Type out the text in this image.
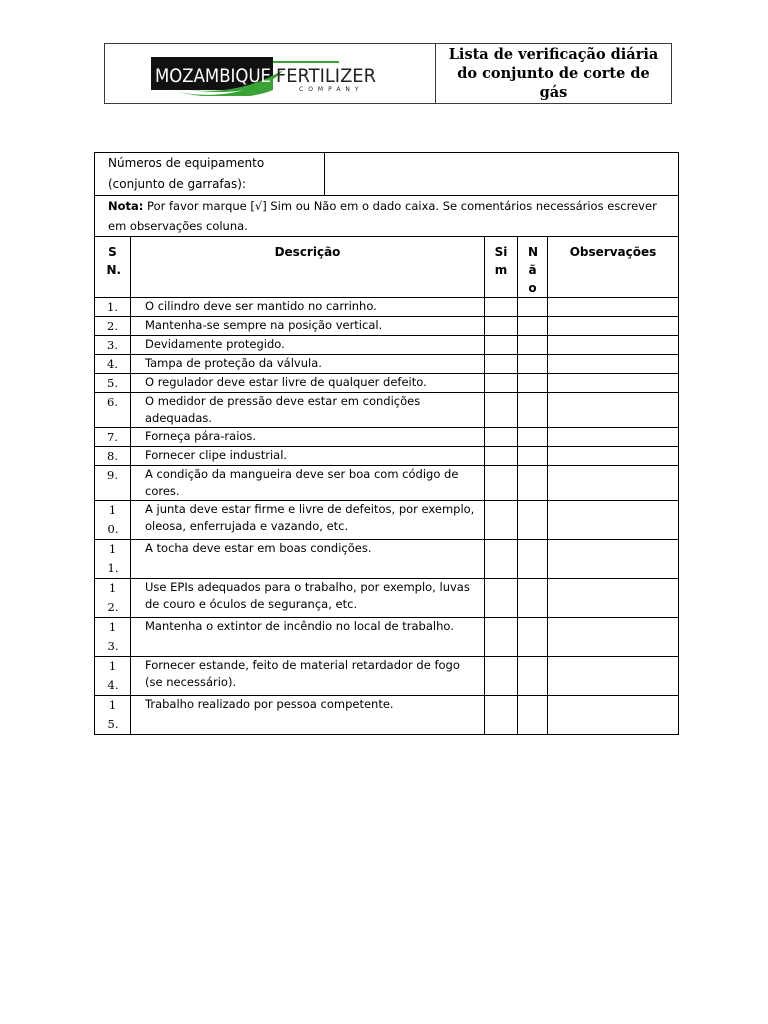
MOZAMBIQUE FERTILIZER
COMPANY
Lista de verificação diária do conjunto de corte de gás
Números de equipamento
(conjunto de garrafas):					

Nota: Por favor marque [√] Sim ou Não em o dado caixa. Se comentários necessários escrever em observações coluna.					

S N.	Descrição		Si m	N ã o	Observações

1.	O cilindro deve ser mantido no carrinho.				

2.	Mantenha-se sempre na posição vertical.				

3.	Devidamente protegido.				

4.	Tampa de proteção da válvula.				

5.	O regulador deve estar livre de qualquer defeito.				

6.	O medidor de pressão deve estar em condições adequadas.				

7.	Forneça pára-raios.				

8.	Fornecer clipe industrial.				

9.	A condição da mangueira deve ser boa com código de cores.				

1 0.	A junta deve estar firme e livre de defeitos, por exemplo, oleosa, enferrujada e vazando, etc.				

1 1.	A tocha deve estar em boas condições.				

1 2.	Use EPIs adequados para o trabalho, por exemplo, luvas de couro e óculos de segurança, etc.				

1 3.	Mantenha o extintor de incêndio no local de trabalho.				

1 4.	Fornecer estande, feito de material retardador de fogo (se necessário).				

1 5.	Trabalho realizado por pessoa competente.				
